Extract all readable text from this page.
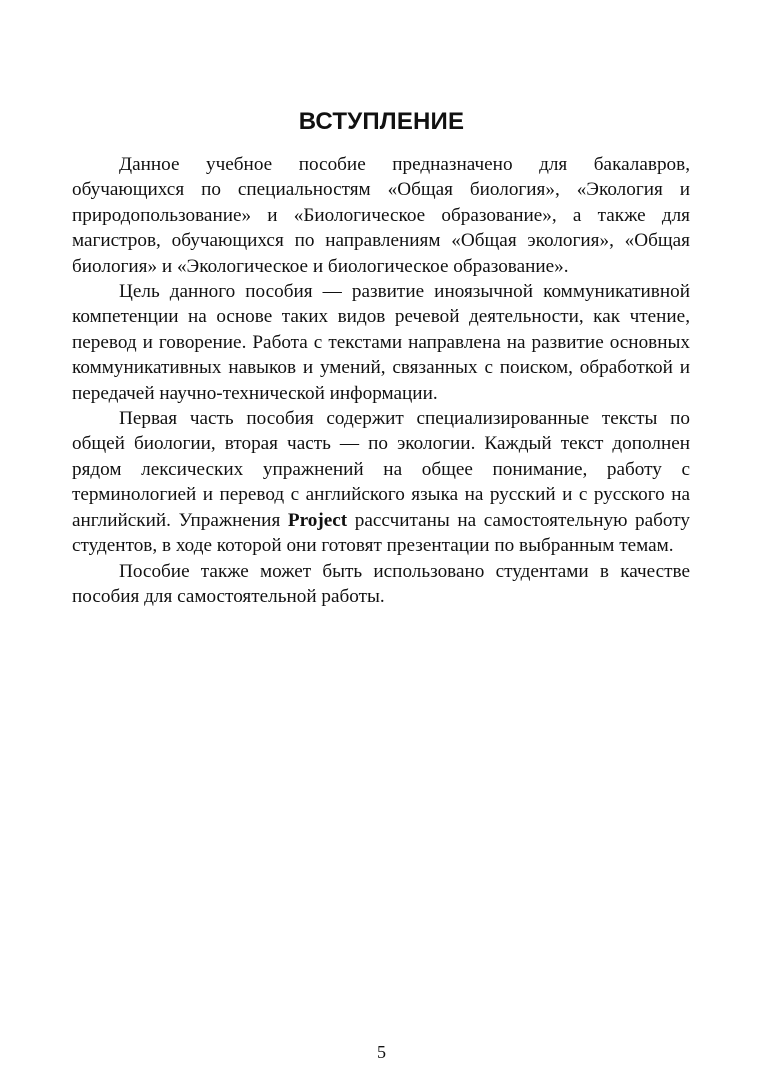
ВСТУПЛЕНИЕ

Данное учебное пособие предназначено для бакалавров, обучающихся по специальностям «Общая биология», «Экология и природопользование» и «Биологическое образование», а также для магистров, обучающихся по направлениям «Общая экология», «Общая биология» и «Экологическое и биологическое образование».

Цель данного пособия — развитие иноязычной коммуникативной компетенции на основе таких видов речевой деятельности, как чтение, перевод и говорение. Работа с текстами направлена на развитие основных коммуникативных навыков и умений, связанных с поиском, обработкой и передачей научно-технической информации.

Первая часть пособия содержит специализированные тексты по общей биологии, вторая часть — по экологии. Каждый текст дополнен рядом лексических упражнений на общее понимание, работу с терминологией и перевод с английского языка на русский и с русского на английский. Упражнения Project рассчитаны на самостоятельную работу студентов, в ходе которой они готовят презентации по выбранным темам.

Пособие также может быть использовано студентами в качестве пособия для самостоятельной работы.

5
